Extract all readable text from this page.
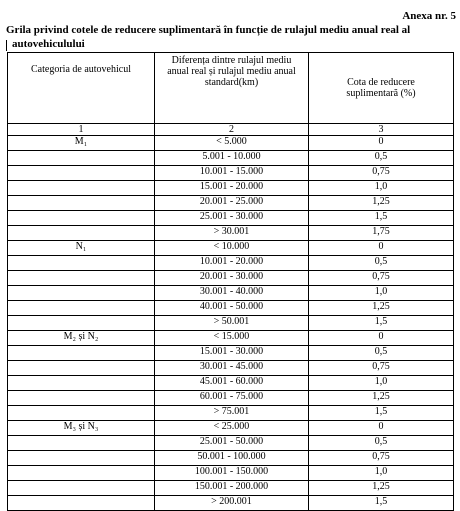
Anexa nr. 5
Grila privind cotele de reducere suplimentară în funcție de rulajul mediu anual real al
autovehiculului
Categoria de autovehicul	Diferența dintre rulajul mediu anual real și rulajul mediu anual standard(km)	Cota de reducere suplimentară (%)
1	2	3
M₁	< 5.000	0
	5.001 - 10.000	0,5
	10.001 - 15.000	0,75
	15.001 - 20.000	1,0
	20.001 - 25.000	1,25
	25.001 - 30.000	1,5
	> 30.001	1,75
N₁	< 10.000	0
	10.001 - 20.000	0,5
	20.001 - 30.000	0,75
	30.001 - 40.000	1,0
	40.001 - 50.000	1,25
	> 50.001	1,5
M₂ și N₂	< 15.000	0
	15.001 - 30.000	0,5
	30.001 - 45.000	0,75
	45.001 - 60.000	1,0
	60.001 - 75.000	1,25
	> 75.001	1,5
M₃ și N₃	< 25.000	0
	25.001 - 50.000	0,5
	50.001 - 100.000	0,75
	100.001 - 150.000	1,0
	150.001 - 200.000	1,25
	> 200.001	1,5
